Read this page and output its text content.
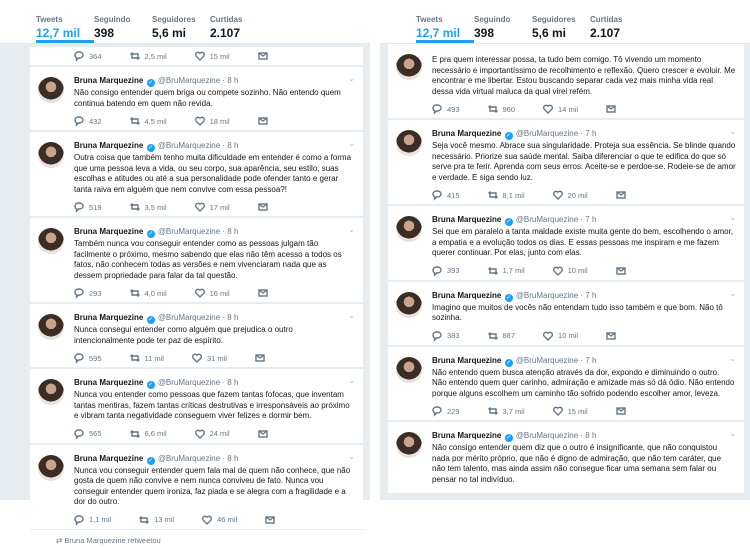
Tweets
12,7 mil
Seguindo
398
Seguidores
5,6 mi
Curtidas
2.107
364	2,5 mil	15 mil
Bruna Marquezine ✓ @BruMarquezine · 8 h	⌄
Não consigo entender quem briga ou compete sozinho. Não entendo quem continua batendo em quem não revida.
432	4,5 mil	18 mil
Bruna Marquezine ✓ @BruMarquezine · 8 h	⌄
Outra coisa que também tenho muita dificuldade em entender é como a forma que uma pessoa leva a vida, ou seu corpo, sua aparência, seu estilo, suas escolhas e atitudes ou até a sua personalidade pode ofender tanto e gerar tanta raiva em alguém que nem convive com essa pessoa?!
519	3,5 mil	17 mil
Bruna Marquezine ✓ @BruMarquezine · 8 h	⌄
Também nunca vou conseguir entender como as pessoas julgam tão facilmente o próximo, mesmo sabendo que elas não têm acesso a todos os fatos, não conhecem todas as versões e nem vivenciaram nada que as dessem propriedade para falar da tal questão.
293	4,0 mil	16 mil
Bruna Marquezine ✓ @BruMarquezine · 8 h	⌄
Nunca consegui entender como alguém que prejudica o outro intencionalmente pode ter paz de espírito.
595	11 mil	31 mil
Bruna Marquezine ✓ @BruMarquezine · 8 h	⌄
Nunca vou entender como pessoas que fazem tantas fofocas, que inventam tantas mentiras, fazem tantas críticas destrutivas e irresponsáveis ao próximo e vibram tanta negatividade conseguem viver felizes e dormir bem.
565	6,6 mil	24 mil
Bruna Marquezine ✓ @BruMarquezine · 8 h	⌄
Nunca vou conseguir entender quem fala mal de quem não conhece, que não gosta de quem não convive e nem nunca conviveu de fato. Nunca vou conseguir entender quem ironiza, faz piada e se alegra com a fragilidade e a dor do outro.
1,1 mil	13 mil	46 mil
⇄ Bruna Marquezine retweetou
Tweets
12,7 mil
Seguindo
398
Seguidores
5,6 mi
Curtidas
2.107
E pra quem interessar possa, ta tudo bem comigo. Tô vivendo um momento necessário e importantíssimo de recolhimento e reflexão. Quero crescer e evoluir. Me encontrar e me libertar. Estou buscando separar cada vez mais minha vida real dessa vida virtual maluca da qual virei refém.
493	960	14 mil
Bruna Marquezine ✓ @BruMarquezine · 7 h	⌄
Seja você mesmo. Abrace sua singularidade. Proteja sua essência. Se blinde quando necessário. Priorize sua saúde mental. Saiba diferenciar o que te edifica do que só serve pra te ferir. Aprenda com seus erros. Aceite-se e perdoe-se. Rodeie-se de amor e verdade. E siga sendo luz.
415	8,1 mil	20 mil
Bruna Marquezine ✓ @BruMarquezine · 7 h	⌄
Sei que em paralelo a tanta maldade existe muita gente do bem, escolhendo o amor, a empatia e a evolução todos os dias. E essas pessoas me inspiram e me fazem querer continuar. Por elas, junto com elas.
393	1,7 mil	10 mil
Bruna Marquezine ✓ @BruMarquezine · 7 h	⌄
Imagino que muitos de vocês não entendam tudo isso também e que bom. Não tô sozinha.
383	887	10 mil
Bruna Marquezine ✓ @BruMarquezine · 7 h	⌄
Não entendo quem busca atenção através da dor, expondo e diminuindo o outro. Não entendo quem quer carinho, admiração e amizade mas só dá ódio. Não entendo porque alguns escolhem um caminho tão sofrido podendo escolher amor, leveza.
229	3,7 mil	15 mil
Bruna Marquezine ✓ @BruMarquezine · 8 h	⌄
Não consigo entender quem diz que o outro é insignificante, que não conquistou nada por mérito próprio, que não é digno de admiração, que não tem caráter, que não tem talento, mas ainda assim não consegue ficar uma semana sem falar ou pensar no tal indivíduo.
